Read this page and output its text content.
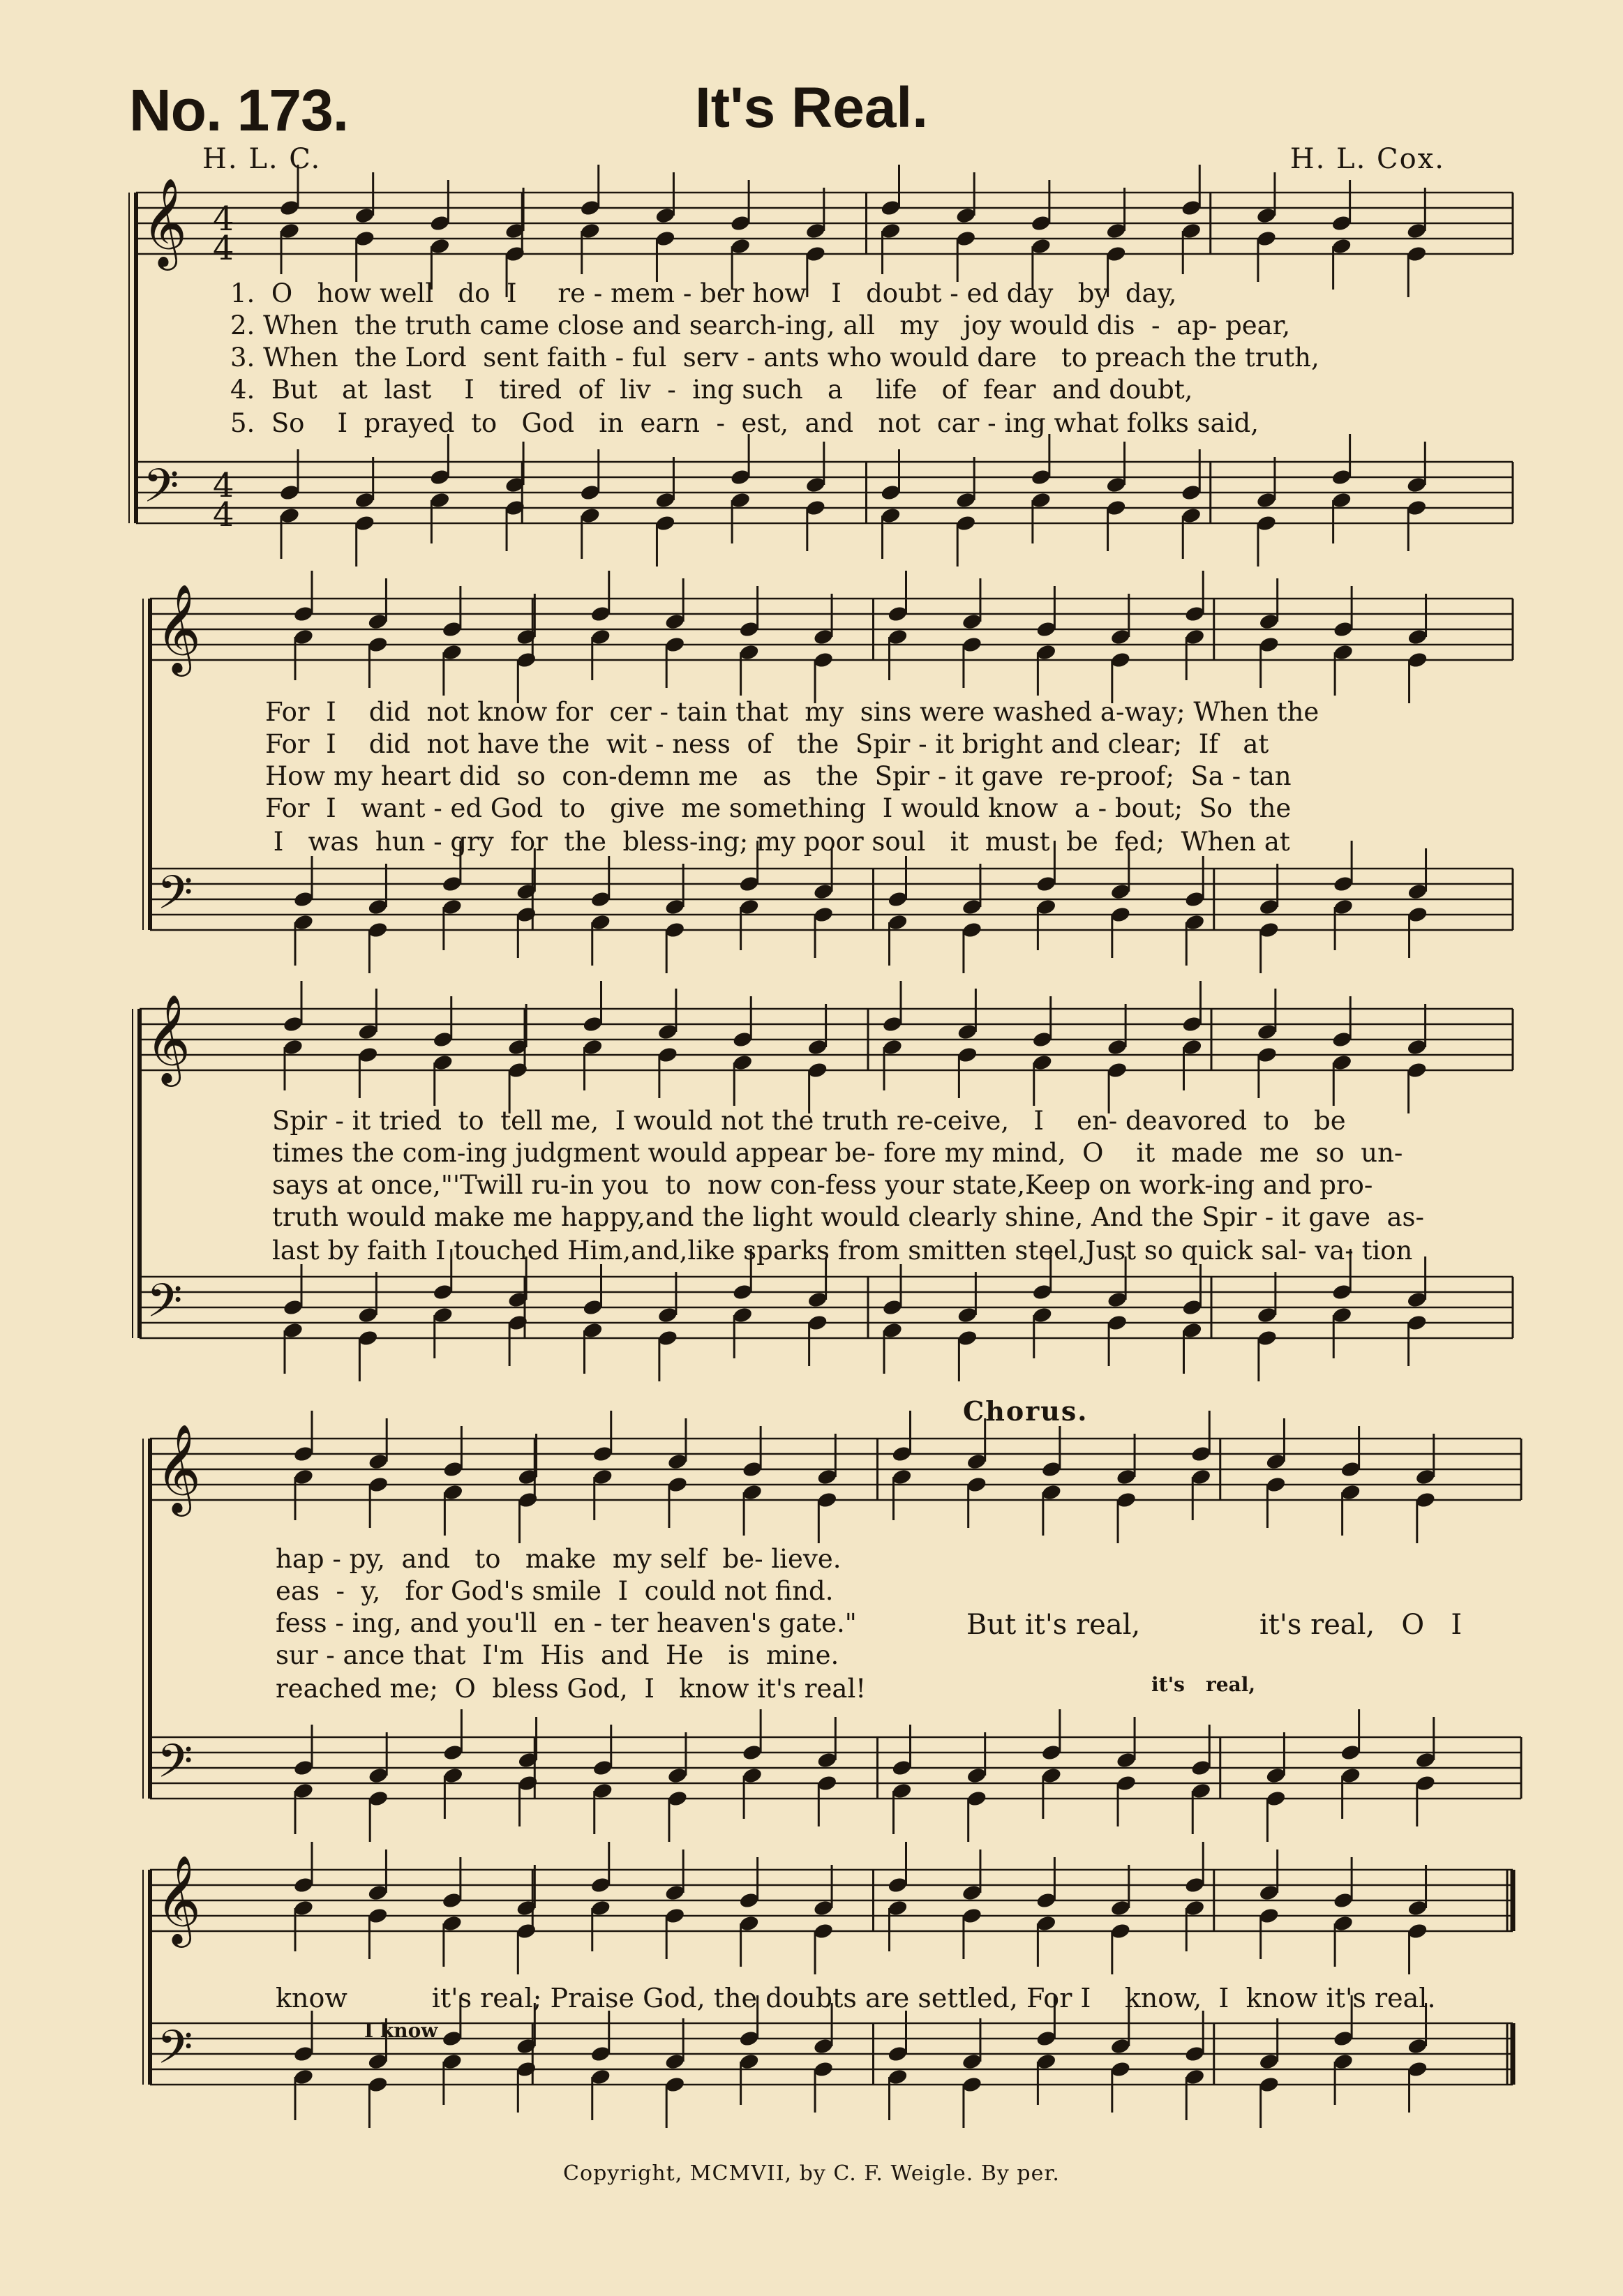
No. 173.	It's Real.
H. L. C.	H. L. Cox.
𝄞
𝄢
𝄞
𝄢
𝄞
𝄢
𝄞
𝄢
𝄞
𝄢
4
4
4
4
1.  O   how well   do  I     re - mem - ber how   I   doubt - ed day   by  day,
2. When  the truth came close and search-ing, all   my   joy would dis  -  ap- pear,
3. When  the Lord  sent faith - ful  serv - ants who would dare   to preach the truth,
4.  But   at  last    I   tired  of  liv  -  ing such   a    life   of  fear  and doubt,
5.  So    I  prayed  to   God   in  earn  -  est,  and   not  car - ing what folks said,
For  I    did  not know for  cer - tain that  my  sins were washed a-way; When the
For  I    did  not have the  wit - ness  of   the  Spir - it bright and clear;  If   at
How my heart did  so  con-demn me   as   the  Spir - it gave  re-proof;  Sa - tan
For  I   want - ed God  to   give  me something  I would know  a - bout;  So  the
I   was  hun - gry  for  the  bless-ing; my poor soul   it  must  be  fed;  When at
Spir - it tried  to  tell me,  I would not the truth re-ceive,   I    en- deavored  to   be
times the com-ing judgment would appear be- fore my mind,  O    it  made  me  so  un-
says at once,"'Twill ru-in you  to  now con-fess your state,Keep on work-ing and pro-
truth would make me happy,and the light would clearly shine, And the Spir - it gave  as-
last by faith I touched Him,and,like sparks from smitten steel,Just so quick sal- va- tion
hap - py,  and   to   make  my self  be- lieve.
eas  -  y,   for God's smile  I  could not find.
fess - ing, and you'll  en - ter heaven's gate."
sur - ance that  I'm  His  and  He   is  mine.
reached me;  O  bless God,  I   know it's real!
Chorus.
But it's real,	it's real,   O   I
it's real,
know          it's real; Praise God, the doubts are settled, For I    know,  I  know it's real.
I know
Copyright, MCMVII, by C. F. Weigle. By per.
